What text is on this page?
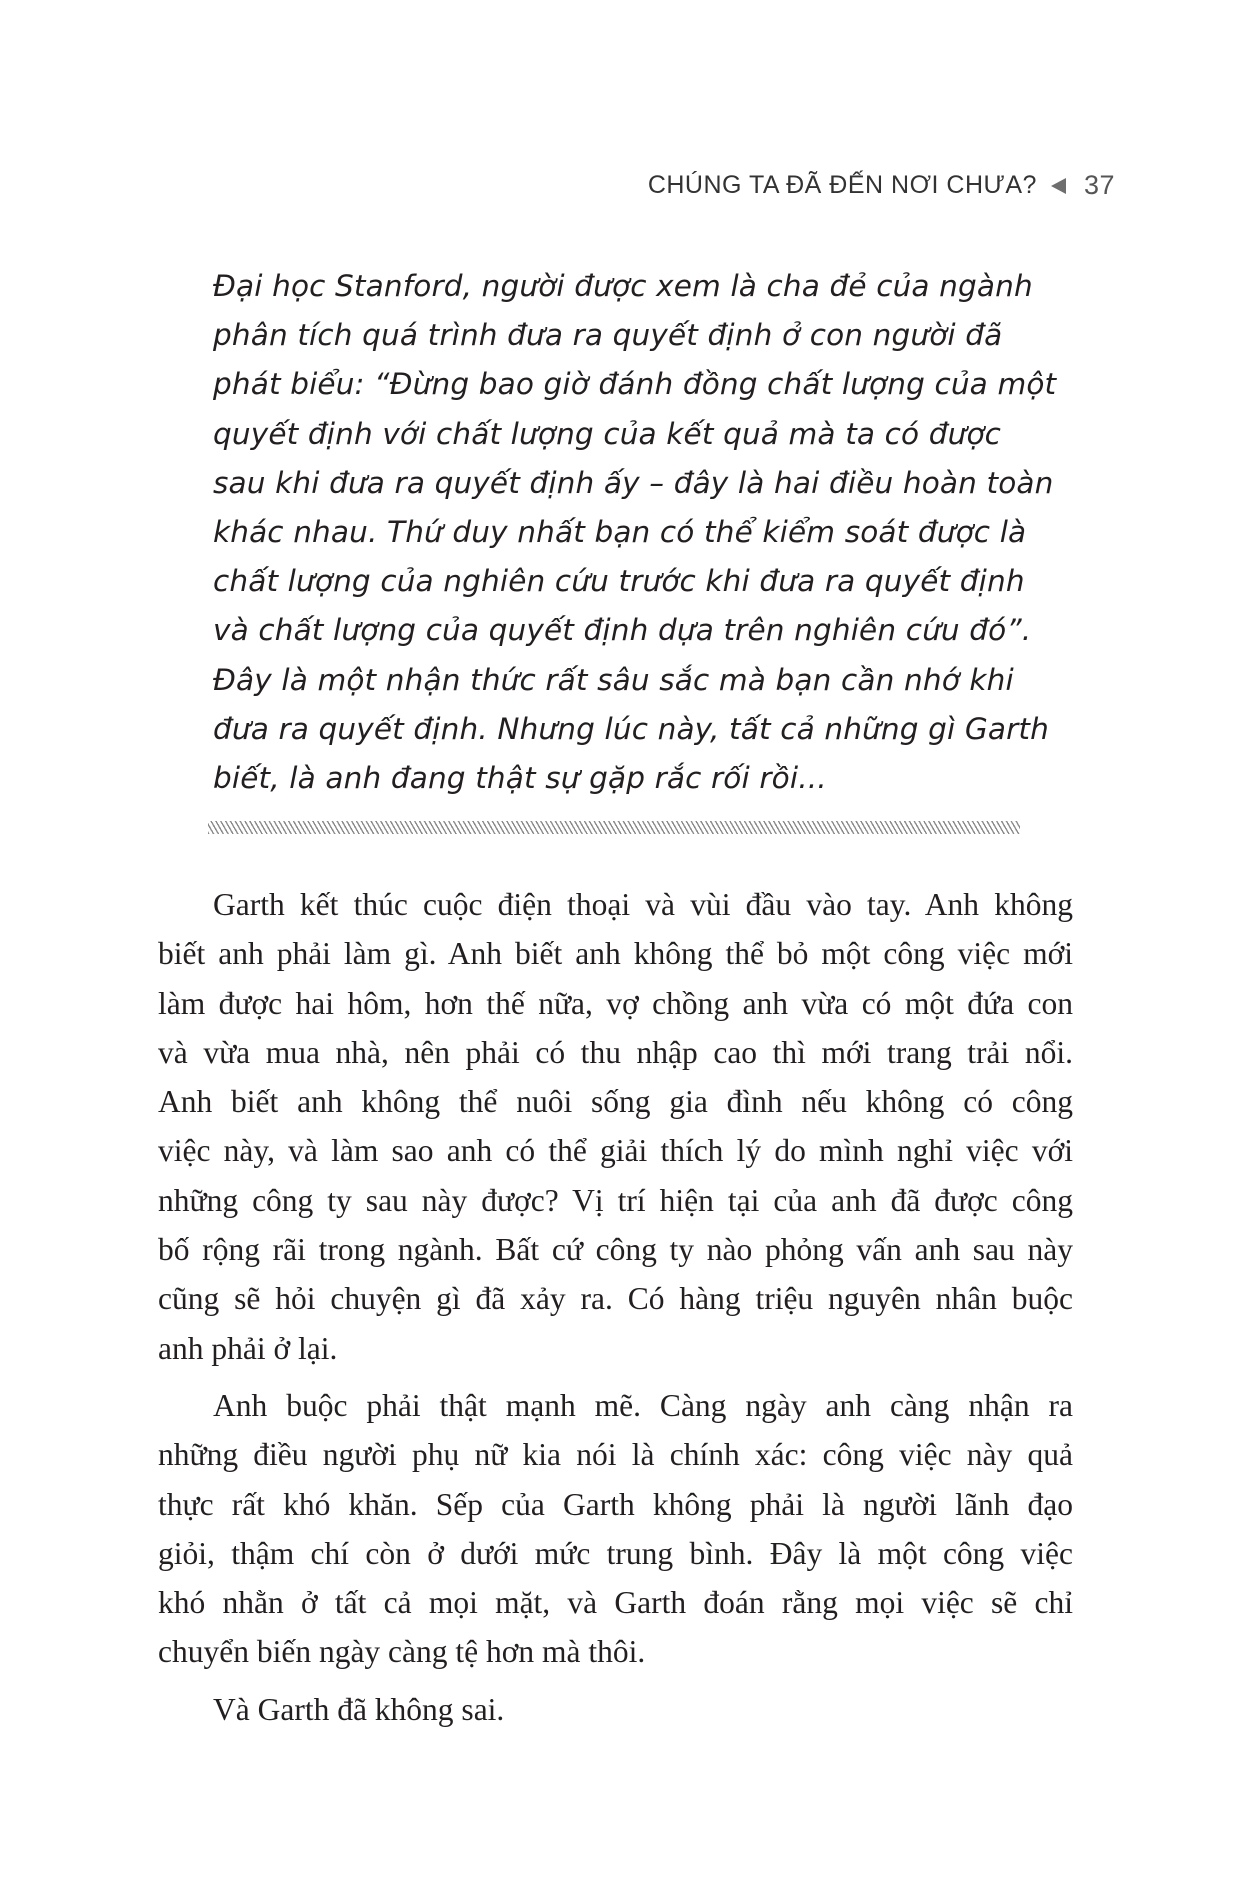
CHÚNG TA ĐÃ ĐẾN NƠI CHƯA? 37
Đại học Stanford, người được xem là cha đẻ của ngành
phân tích quá trình đưa ra quyết định ở con người đã
phát biểu: “Đừng bao giờ đánh đồng chất lượng của một
quyết định với chất lượng của kết quả mà ta có được
sau khi đưa ra quyết định ấy – đây là hai điều hoàn toàn
khác nhau. Thứ duy nhất bạn có thể kiểm soát được là
chất lượng của nghiên cứu trước khi đưa ra quyết định
và chất lượng của quyết định dựa trên nghiên cứu đó”.
Đây là một nhận thức rất sâu sắc mà bạn cần nhớ khi
đưa ra quyết định. Nhưng lúc này, tất cả những gì Garth
biết, là anh đang thật sự gặp rắc rối rồi...
Garth kết thúc cuộc điện thoại và vùi đầu vào tay. Anh không
biết anh phải làm gì. Anh biết anh không thể bỏ một công việc mới
làm được hai hôm, hơn thế nữa, vợ chồng anh vừa có một đứa con
và vừa mua nhà, nên phải có thu nhập cao thì mới trang trải nổi.
Anh biết anh không thể nuôi sống gia đình nếu không có công
việc này, và làm sao anh có thể giải thích lý do mình nghỉ việc với
những công ty sau này được? Vị trí hiện tại của anh đã được công
bố rộng rãi trong ngành. Bất cứ công ty nào phỏng vấn anh sau này
cũng sẽ hỏi chuyện gì đã xảy ra. Có hàng triệu nguyên nhân buộc
anh phải ở lại.
Anh buộc phải thật mạnh mẽ. Càng ngày anh càng nhận ra
những điều người phụ nữ kia nói là chính xác: công việc này quả
thực rất khó khăn. Sếp của Garth không phải là người lãnh đạo
giỏi, thậm chí còn ở dưới mức trung bình. Đây là một công việc
khó nhằn ở tất cả mọi mặt, và Garth đoán rằng mọi việc sẽ chỉ
chuyển biến ngày càng tệ hơn mà thôi.
Và Garth đã không sai.
